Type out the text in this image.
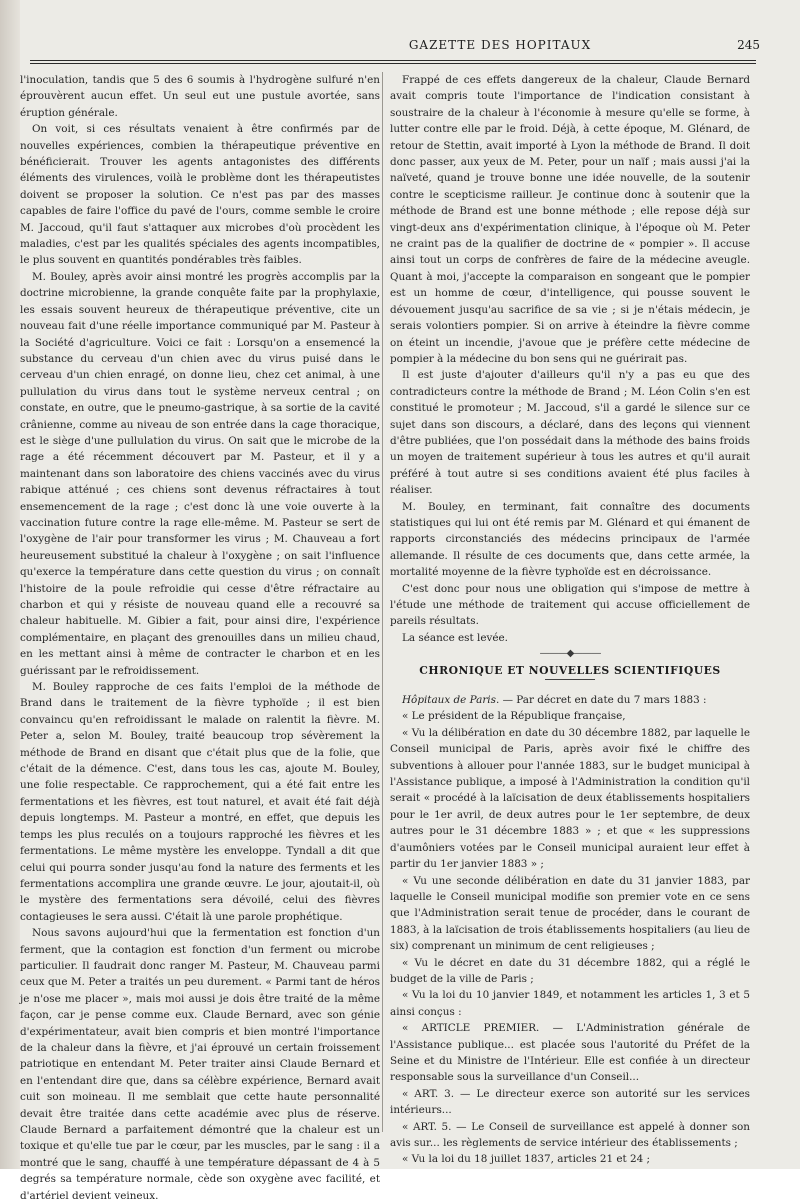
GAZETTE DES HOPITAUX	245

l'inoculation, tandis que 5 des 6 soumis à l'hydrogène sulfuré n'en éprouvèrent aucun effet. Un seul eut une pustule avortée, sans éruption générale.

On voit, si ces résultats venaient à être confirmés par de nouvelles expériences, combien la thérapeutique préventive en bénéficierait. Trouver les agents antagonistes des différents éléments des virulences, voilà le problème dont les thérapeutistes doivent se proposer la solution. Ce n'est pas par des masses capables de faire l'office du pavé de l'ours, comme semble le croire M. Jaccoud, qu'il faut s'attaquer aux microbes d'où procèdent les maladies, c'est par les qualités spéciales des agents incompatibles, le plus souvent en quantités pondérables très faibles.

M. Bouley, après avoir ainsi montré les progrès accomplis par la doctrine microbienne, la grande conquête faite par la prophylaxie, les essais souvent heureux de thérapeutique préventive, cite un nouveau fait d'une réelle importance communiqué par M. Pasteur à la Société d'agriculture. Voici ce fait : Lorsqu'on a ensemencé la substance du cerveau d'un chien avec du virus puisé dans le cerveau d'un chien enragé, on donne lieu, chez cet animal, à une pullulation du virus dans tout le système nerveux central ; on constate, en outre, que le pneumo-gastrique, à sa sortie de la cavité crânienne, comme au niveau de son entrée dans la cage thoracique, est le siège d'une pullulation du virus. On sait que le microbe de la rage a été récemment découvert par M. Pasteur, et il y a maintenant dans son laboratoire des chiens vaccinés avec du virus rabique atténué ; ces chiens sont devenus réfractaires à tout ensemencement de la rage ; c'est donc là une voie ouverte à la vaccination future contre la rage elle-même. M. Pasteur se sert de l'oxygène de l'air pour transformer les virus ; M. Chauveau a fort heureusement substitué la chaleur à l'oxygène ; on sait l'influence qu'exerce la température dans cette question du virus ; on connaît l'histoire de la poule refroidie qui cesse d'être réfractaire au charbon et qui y résiste de nouveau quand elle a recouvré sa chaleur habituelle. M. Gibier a fait, pour ainsi dire, l'expérience complémentaire, en plaçant des grenouilles dans un milieu chaud, en les mettant ainsi à même de contracter le charbon et en les guérissant par le refroidissement.

M. Bouley rapproche de ces faits l'emploi de la méthode de Brand dans le traitement de la fièvre typhoïde ; il est bien convaincu qu'en refroidissant le malade on ralentit la fièvre. M. Peter a, selon M. Bouley, traité beaucoup trop sévèrement la méthode de Brand en disant que c'était plus que de la folie, que c'était de la démence. C'est, dans tous les cas, ajoute M. Bouley, une folie respectable. Ce rapprochement, qui a été fait entre les fermentations et les fièvres, est tout naturel, et avait été fait déjà depuis longtemps. M. Pasteur a montré, en effet, que depuis les temps les plus reculés on a toujours rapproché les fièvres et les fermentations. Le même mystère les enveloppe. Tyndall a dit que celui qui pourra sonder jusqu'au fond la nature des ferments et les fermentations accomplira une grande œuvre. Le jour, ajoutait-il, où le mystère des fermentations sera dévoilé, celui des fièvres contagieuses le sera aussi. C'était là une parole prophétique.

Nous savons aujourd'hui que la fermentation est fonction d'un ferment, que la contagion est fonction d'un ferment ou microbe particulier. Il faudrait donc ranger M. Pasteur, M. Chauveau parmi ceux que M. Peter a traités un peu durement. « Parmi tant de héros je n'ose me placer », mais moi aussi je dois être traité de la même façon, car je pense comme eux. Claude Bernard, avec son génie d'expérimentateur, avait bien compris et bien montré l'importance de la chaleur dans la fièvre, et j'ai éprouvé un certain froissement patriotique en entendant M. Peter traiter ainsi Claude Bernard et en l'entendant dire que, dans sa célèbre expérience, Bernard avait cuit son moineau. Il me semblait que cette haute personnalité devait être traitée dans cette académie avec plus de réserve. Claude Bernard a parfaitement démontré que la chaleur est un toxique et qu'elle tue par le cœur, par les muscles, par le sang : il a montré que le sang, chauffé à une température dépassant de 4 à 5 degrés sa température normale, cède son oxygène avec facilité, et d'artériel devient veineux.

Frappé de ces effets dangereux de la chaleur, Claude Bernard avait compris toute l'importance de l'indication consistant à soustraire de la chaleur à l'économie à mesure qu'elle se forme, à lutter contre elle par le froid. Déjà, à cette époque, M. Glénard, de retour de Stettin, avait importé à Lyon la méthode de Brand. Il doit donc passer, aux yeux de M. Peter, pour un naïf ; mais aussi j'ai la naïveté, quand je trouve bonne une idée nouvelle, de la soutenir contre le scepticisme railleur. Je continue donc à soutenir que la méthode de Brand est une bonne méthode ; elle repose déjà sur vingt-deux ans d'expérimentation clinique, à l'époque où M. Peter ne craint pas de la qualifier de doctrine de « pompier ». Il accuse ainsi tout un corps de confrères de faire de la médecine aveugle. Quant à moi, j'accepte la comparaison en songeant que le pompier est un homme de cœur, d'intelligence, qui pousse souvent le dévouement jusqu'au sacrifice de sa vie ; si je n'étais médecin, je serais volontiers pompier. Si on arrive à éteindre la fièvre comme on éteint un incendie, j'avoue que je préfère cette médecine de pompier à la médecine du bon sens qui ne guérirait pas.

Il est juste d'ajouter d'ailleurs qu'il n'y a pas eu que des contradicteurs contre la méthode de Brand ; M. Léon Colin s'en est constitué le promoteur ; M. Jaccoud, s'il a gardé le silence sur ce sujet dans son discours, a déclaré, dans des leçons qui viennent d'être publiées, que l'on possédait dans la méthode des bains froids un moyen de traitement supérieur à tous les autres et qu'il aurait préféré à tout autre si ses conditions avaient été plus faciles à réaliser.

M. Bouley, en terminant, fait connaître des documents statistiques qui lui ont été remis par M. Glénard et qui émanent de rapports circonstanciés des médecins principaux de l'armée allemande. Il résulte de ces documents que, dans cette armée, la mortalité moyenne de la fièvre typhoïde est en décroissance.

C'est donc pour nous une obligation qui s'impose de mettre à l'étude une méthode de traitement qui accuse officiellement de pareils résultats.

La séance est levée.

———◆———

CHRONIQUE ET NOUVELLES SCIENTIFIQUES

Hôpitaux de Paris. — Par décret en date du 7 mars 1883 :

« Le président de la République française,

« Vu la délibération en date du 30 décembre 1882, par laquelle le Conseil municipal de Paris, après avoir fixé le chiffre des subventions à allouer pour l'année 1883, sur le budget municipal à l'Assistance publique, a imposé à l'Administration la condition qu'il serait « procédé à la laïcisation de deux établissements hospitaliers pour le 1er avril, de deux autres pour le 1er septembre, de deux autres pour le 31 décembre 1883 » ; et que « les suppressions d'aumôniers votées par le Conseil municipal auraient leur effet à partir du 1er janvier 1883 » ;

« Vu une seconde délibération en date du 31 janvier 1883, par laquelle le Conseil municipal modifie son premier vote en ce sens que l'Administration serait tenue de procéder, dans le courant de 1883, à la laïcisation de trois établissements hospitaliers (au lieu de six) comprenant un minimum de cent religieuses ;

« Vu le décret en date du 31 décembre 1882, qui a réglé le budget de la ville de Paris ;

« Vu la loi du 10 janvier 1849, et notamment les articles 1, 3 et 5 ainsi conçus :

« ARTICLE PREMIER. — L'Administration générale de l'Assistance publique... est placée sous l'autorité du Préfet de la Seine et du Ministre de l'Intérieur. Elle est confiée à un directeur responsable sous la surveillance d'un Conseil...

« ART. 3. — Le directeur exerce son autorité sur les services intérieurs...

« ART. 5. — Le Conseil de surveillance est appelé à donner son avis sur... les règlements de service intérieur des établissements ;

« Vu la loi du 18 juillet 1837, articles 21 et 24 ;
